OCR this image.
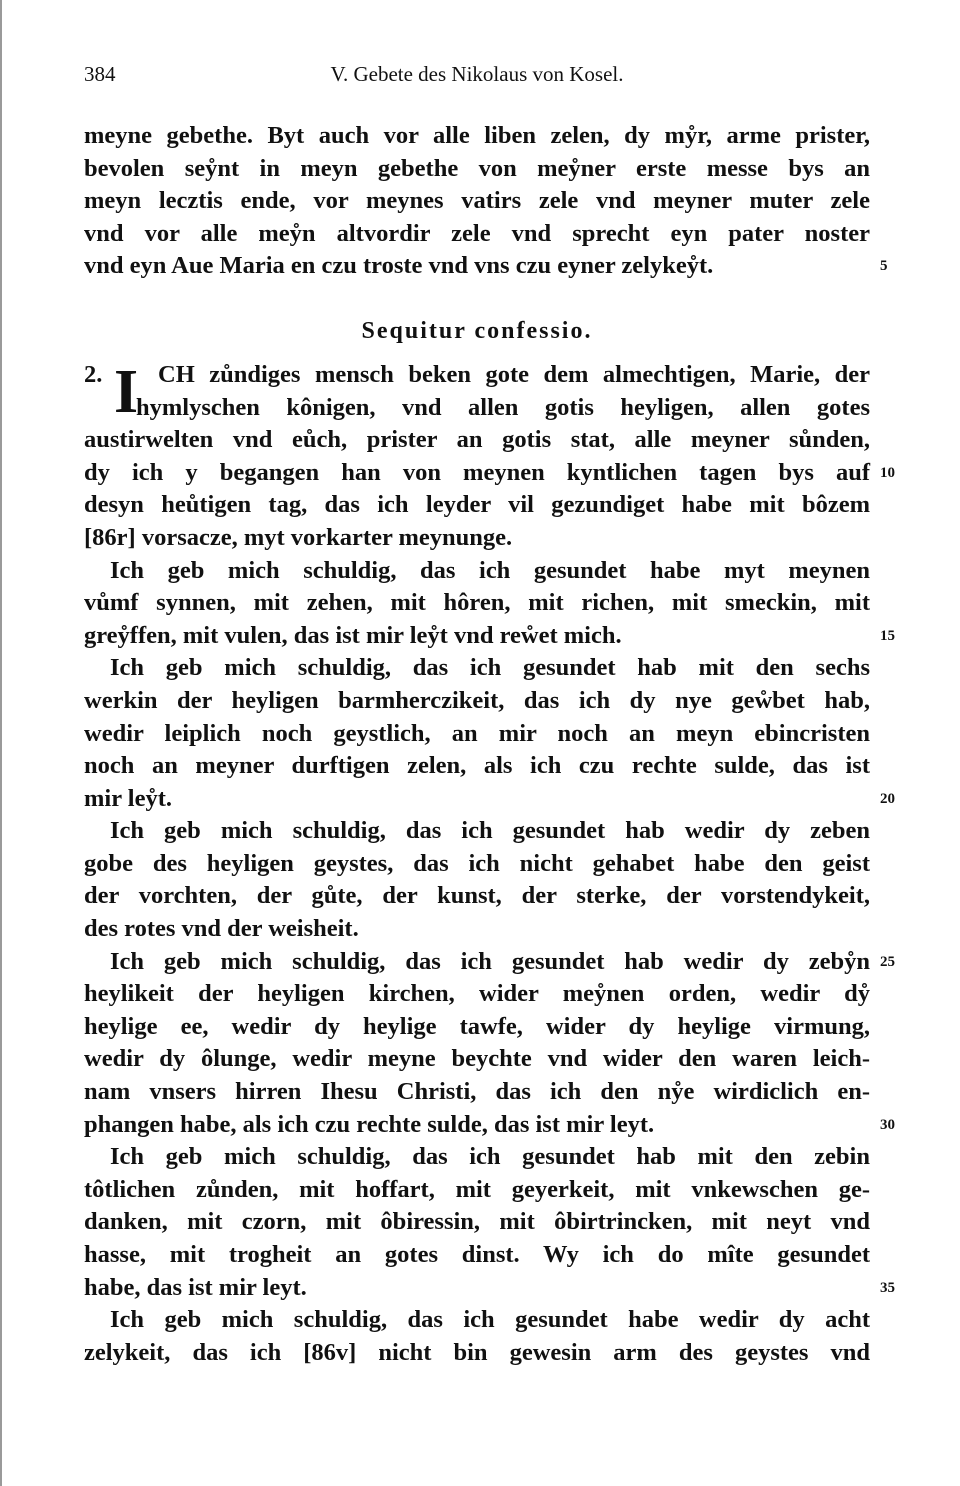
384	V. Gebete des Nikolaus von Kosel.
meyne gebethe. Byt auch vor alle liben zelen, dy mẙr, arme prister,
bevolen seẙnt in meyn gebethe von meẙner erste messe bys an
meyn lecztis ende, vor meynes vatirs zele vnd meyner muter zele
vnd vor alle meẙn altvordir zele vnd sprecht eyn pater noster
vnd eyn Aue Maria en czu troste vnd vns czu eyner zelykeẙt.	5
Sequitur confessio.
2. CH zůndiges mensch beken gote dem almechtigen, Marie, der
I
hymlyschen kônigen, vnd allen gotis heyligen, allen gotes
austirwelten vnd eůch, prister an gotis stat, alle meyner sůnden,
dy ich y begangen han von meynen kyntlichen tagen bys auf 10
desyn heůtigen tag, das ich leyder vil gezundiget habe mit bôzem
[86r] vorsacze, myt vorkarter meynunge.
Ich geb mich schuldig, das ich gesundet habe myt meynen
vůmf synnen, mit zehen, mit hôren, mit richen, mit smeckin, mit
greẙffen, mit vulen, das ist mir leẙt vnd reẘet mich.	15
Ich geb mich schuldig, das ich gesundet hab mit den sechs
werkin der heyligen barmherczikeit, das ich dy nye geẘbet hab,
wedir leiplich noch geystlich, an mir noch an meyn ebincristen
noch an meyner durftigen zelen, als ich czu rechte sulde, das ist
mir leẙt.	20
Ich geb mich schuldig, das ich gesundet hab wedir dy zeben
gobe des heyligen geystes, das ich nicht gehabet habe den geist
der vorchten, der gůte, der kunst, der sterke, der vorstendykeit,
des rotes vnd der weisheit.
Ich geb mich schuldig, das ich gesundet hab wedir dy zebẙn 25
heylikeit der heyligen kirchen, wider meẙnen orden, wedir dẙ
heylige ee, wedir dy heylige tawfe, wider dy heylige virmung,
wedir dy ôlunge, wedir meyne beychte vnd wider den waren leich-
nam vnsers hirren Ihesu Christi, das ich den nẙe wirdiclich en-
phangen habe, als ich czu rechte sulde, das ist mir leyt.	30
Ich geb mich schuldig, das ich gesundet hab mit den zebin
tôtlichen zůnden, mit hoffart, mit geyerkeit, mit vnkewschen ge-
danken, mit czorn, mit ôbiressin, mit ôbirtrincken, mit neyt vnd
hasse, mit trogheit an gotes dinst. Wy ich do mîte gesundet
habe, das ist mir leyt.	35
Ich geb mich schuldig, das ich gesundet habe wedir dy acht
zelykeit, das ich [86v] nicht bin gewesin arm des geystes vnd
